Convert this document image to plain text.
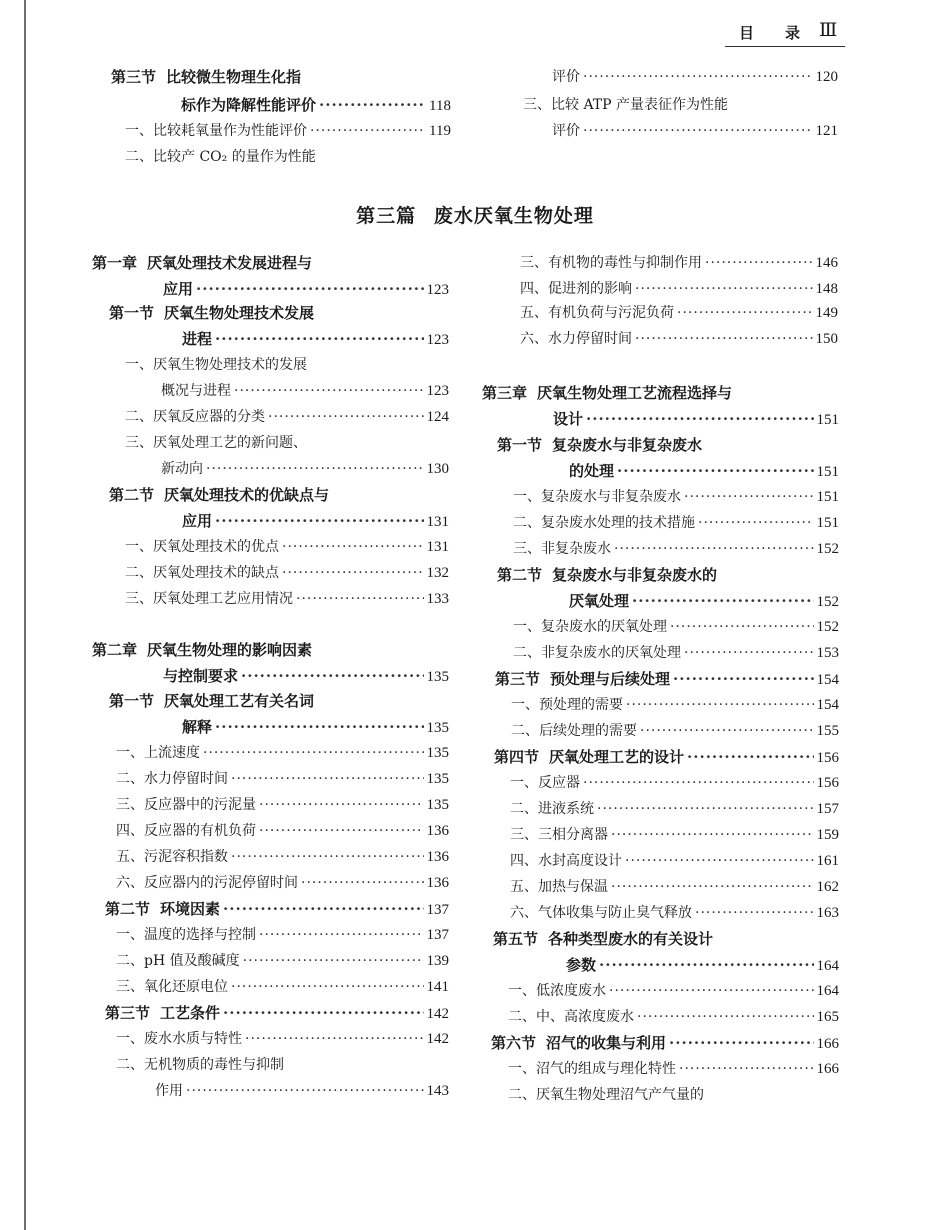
目 录 Ⅲ
第三篇 废水厌氧生物处理
第三节 比较微生物理生化指
标作为降解性能评价 ·····	118
一、比较耗氧量作为性能评价 ·····	119
二、比较产 CO₂ 的量作为性能
评价 ·····	120
三、比较 ATP 产量表征作为性能
评价 ·····	121
第一章 厌氧处理技术发展进程与
应用 ·····	123
第一节 厌氧生物处理技术发展
进程 ·····	123
一、厌氧生物处理技术的发展
概况与进程 ·····	123
二、厌氧反应器的分类 ·····	124
三、厌氧处理工艺的新问题、
新动向 ·····	130
第二节 厌氧处理技术的优缺点与
应用 ·····	131
一、厌氧处理技术的优点 ·····	131
二、厌氧处理技术的缺点 ·····	132
三、厌氧处理工艺应用情况 ·····	133
第二章 厌氧生物处理的影响因素
与控制要求 ·····	135
第一节 厌氧处理工艺有关名词
解释 ·····	135
一、上流速度 ·····	135
二、水力停留时间 ·····	135
三、反应器中的污泥量 ·····	135
四、反应器的有机负荷 ·····	136
五、污泥容积指数 ·····	136
六、反应器内的污泥停留时间 ·····	136
第二节 环境因素 ·····	137
一、温度的选择与控制 ·····	137
二、pH 值及酸碱度 ·····	139
三、氧化还原电位 ·····	141
第三节 工艺条件 ·····	142
一、废水水质与特性 ·····	142
二、无机物质的毒性与抑制
作用 ·····	143
三、有机物的毒性与抑制作用 ·····	146
四、促进剂的影响 ·····	148
五、有机负荷与污泥负荷 ·····	149
六、水力停留时间 ·····	150
第三章 厌氧生物处理工艺流程选择与
设计 ·····	151
第一节 复杂废水与非复杂废水
的处理 ·····	151
一、复杂废水与非复杂废水 ·····	151
二、复杂废水处理的技术措施 ·····	151
三、非复杂废水 ·····	152
第二节 复杂废水与非复杂废水的
厌氧处理 ·····	152
一、复杂废水的厌氧处理 ·····	152
二、非复杂废水的厌氧处理 ·····	153
第三节 预处理与后续处理 ·····	154
一、预处理的需要 ·····	154
二、后续处理的需要 ·····	155
第四节 厌氧处理工艺的设计 ·····	156
一、反应器 ·····	156
二、进液系统 ·····	157
三、三相分离器 ·····	159
四、水封高度设计 ·····	161
五、加热与保温 ·····	162
六、气体收集与防止臭气释放 ·····	163
第五节 各种类型废水的有关设计
参数 ·····	164
一、低浓度废水 ·····	164
二、中、高浓度废水 ·····	165
第六节 沼气的收集与利用 ·····	166
一、沼气的组成与理化特性 ·····	166
二、厌氧生物处理沼气产气量的
